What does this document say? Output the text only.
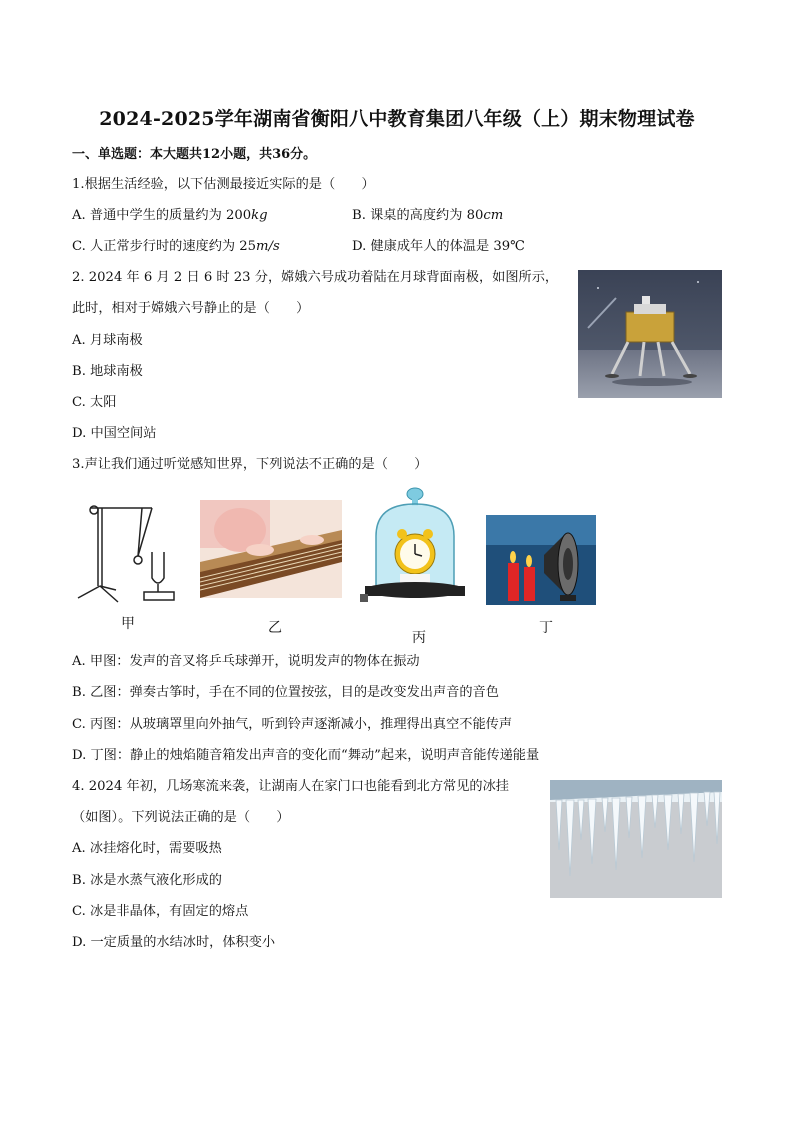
2024-2025学年湖南省衡阳八中教育集团八年级（上）期末物理试卷
一、单选题：本大题共12小题，共36分。
1.根据生活经验，以下估测最接近实际的是（　　）
A. 普通中学生的质量约为 200kg	B. 课桌的高度约为 80cm
C. 人正常步行时的速度约为 25m/s	D. 健康成年人的体温是 39℃
2. 2024 年 6 月 2 日 6 时 23 分，嫦娥六号成功着陆在月球背面南极，如图所示，
此时，相对于嫦娥六号静止的是（　　）
A. 月球南极
B. 地球南极
C. 太阳
D. 中国空间站
3.声让我们通过听觉感知世界，下列说法不正确的是（　　）
甲	乙
丙
丁
A. 甲图：发声的音叉将乒乓球弹开，说明发声的物体在振动
B. 乙图：弹奏古筝时，手在不同的位置按弦，目的是改变发出声音的音色
C. 丙图：从玻璃罩里向外抽气，听到铃声逐渐减小，推理得出真空不能传声
D. 丁图：静止的烛焰随音箱发出声音的变化而“舞动”起来，说明声音能传递能量
4. 2024 年初，几场寒流来袭，让湖南人在家门口也能看到北方常见的冰挂
（如图）。下列说法正确的是（　　）
A. 冰挂熔化时，需要吸热
B. 冰是水蒸气液化形成的
C. 冰是非晶体，有固定的熔点
D. 一定质量的水结冰时，体积变小
